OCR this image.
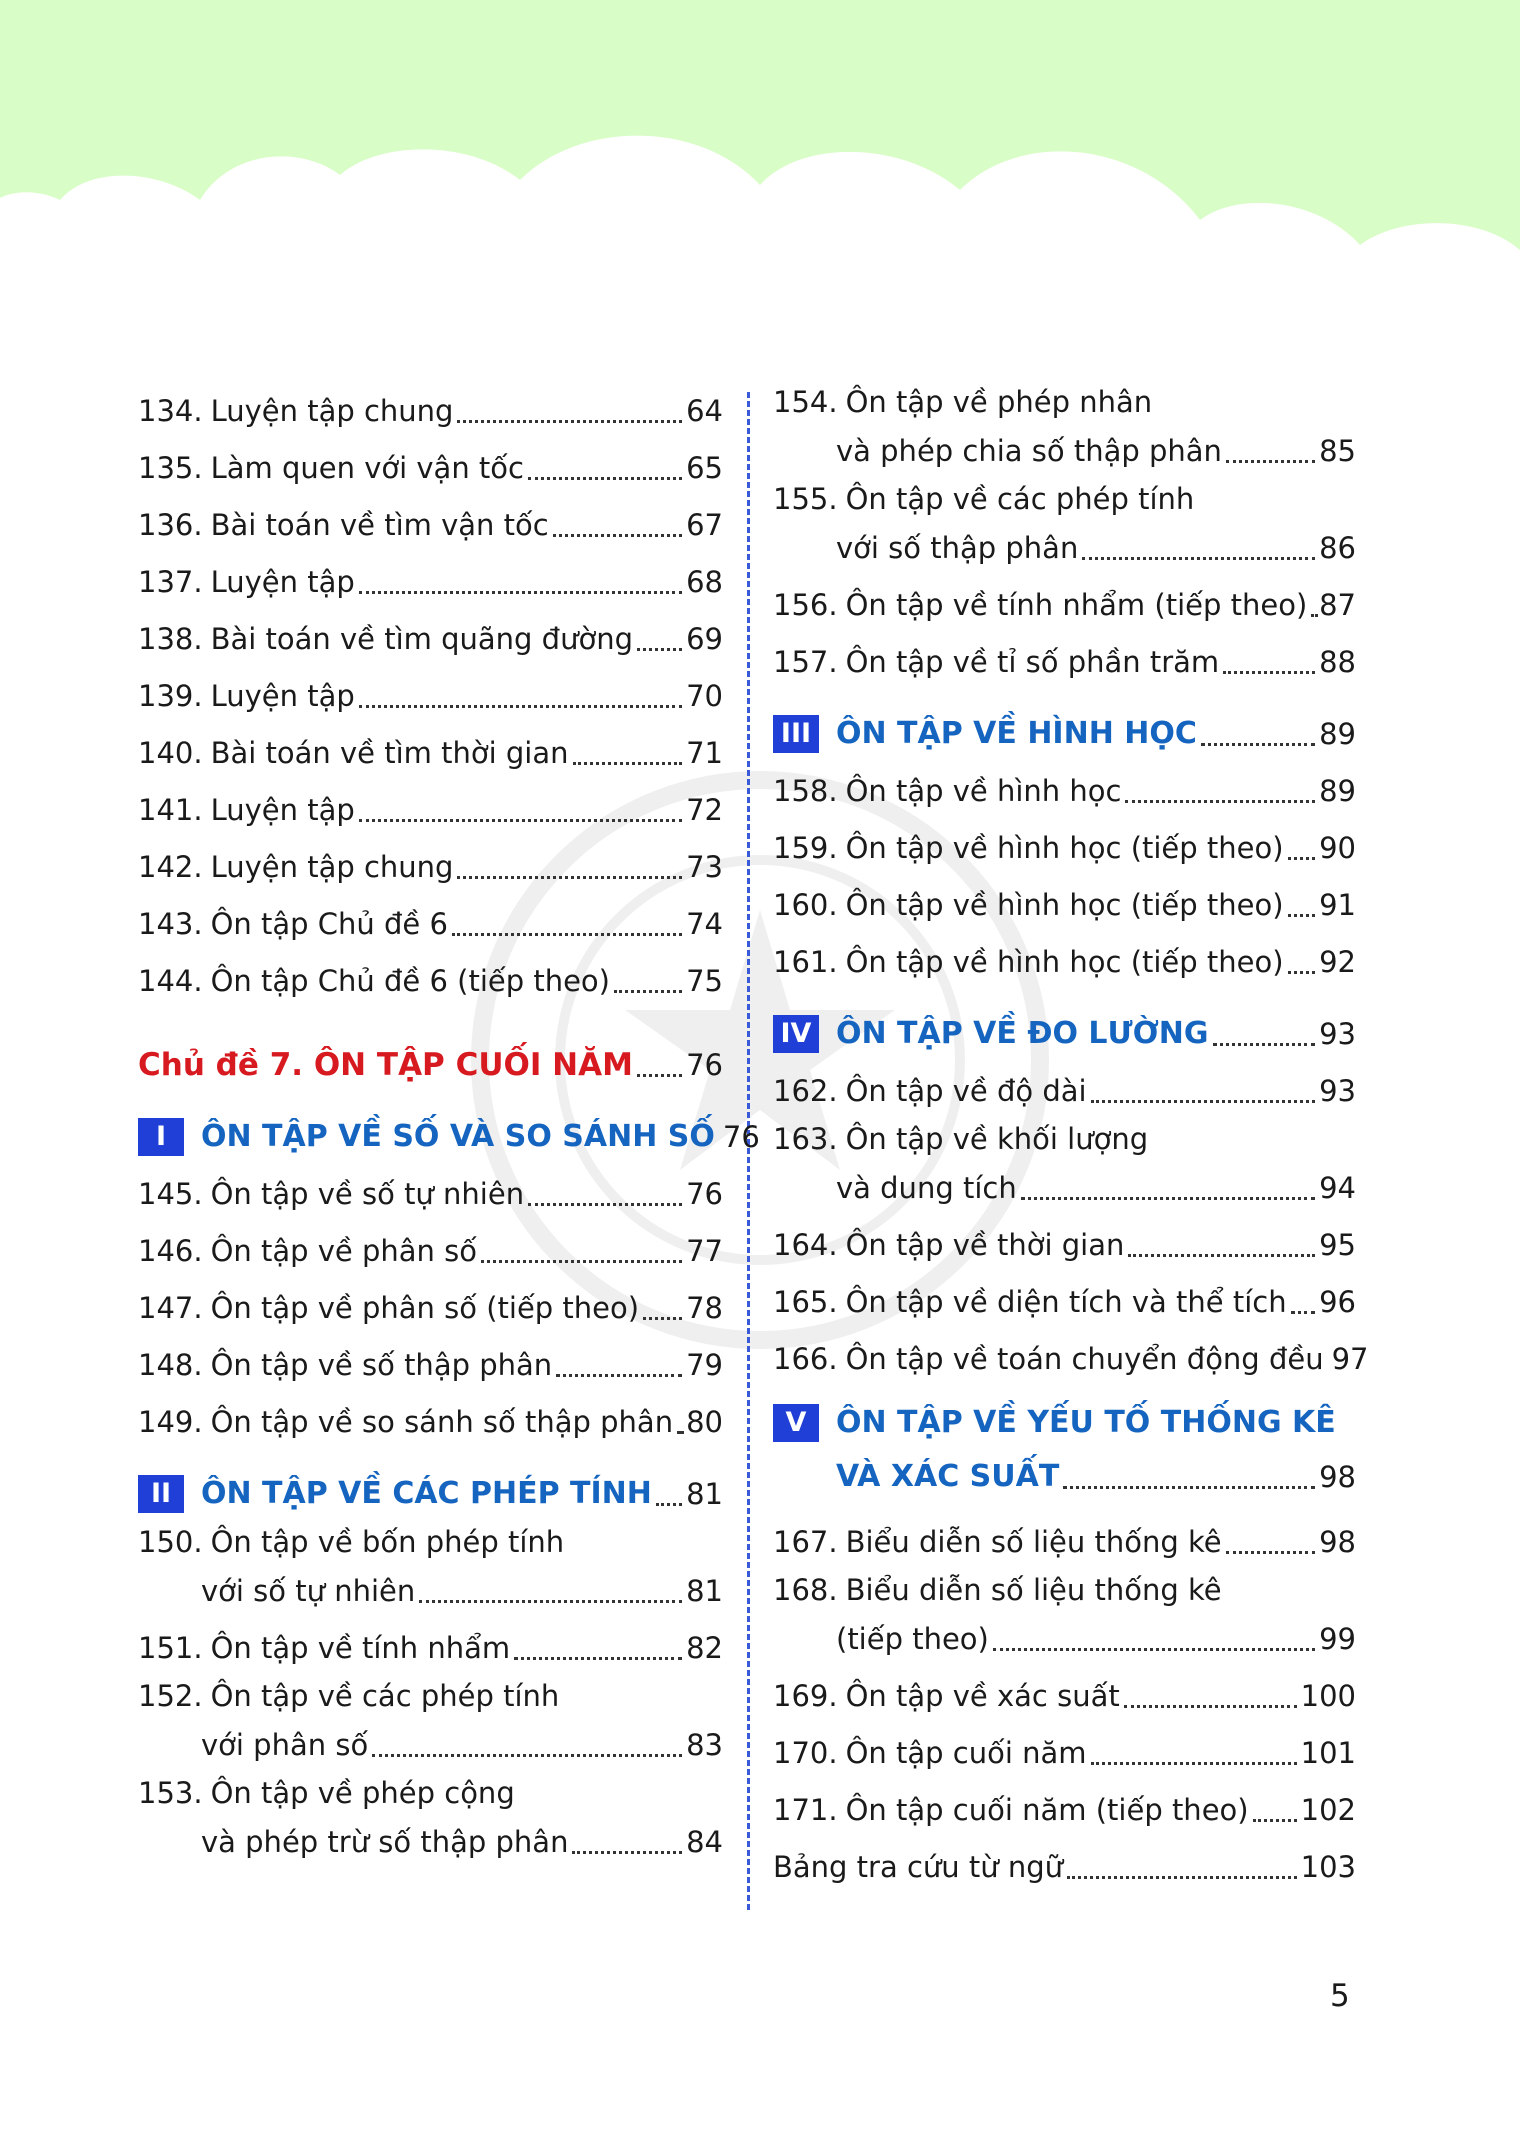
134. Luyện tập chung	64
135. Làm quen với vận tốc	65
136. Bài toán về tìm vận tốc	67
137. Luyện tập	68
138. Bài toán về tìm quãng đường 69
139. Luyện tập	70
140. Bài toán về tìm thời gian	71
141. Luyện tập	72
142. Luyện tập chung	73
143. Ôn tập Chủ đề 6	74
144. Ôn tập Chủ đề 6 (tiếp theo)	75
Chủ đề 7. ÔN TẬP CUỐI NĂM 76
I	ÔN TẬP VỀ SỐ VÀ SO SÁNH SỐ 76
145. Ôn tập về số tự nhiên	76
146. Ôn tập về phân số	77
147. Ôn tập về phân số (tiếp theo) 78
148. Ôn tập về số thập phân	79
149. Ôn tập về so sánh số thập phân 80
II ÔN TẬP VỀ CÁC PHÉP TÍNH 81
150. Ôn tập về bốn phép tính
với số tự nhiên	81
151. Ôn tập về tính nhẩm	82
152. Ôn tập về các phép tính
với phân số	83
153. Ôn tập về phép cộng
và phép trừ số thập phân	84
154. Ôn tập về phép nhân
và phép chia số thập phân	85
155. Ôn tập về các phép tính
với số thập phân	86
156. Ôn tập về tính nhẩm (tiếp theo) 87
157. Ôn tập về tỉ số phần trăm	88
III ÔN TẬP VỀ HÌNH HỌC	89
158. Ôn tập về hình học	89
159. Ôn tập về hình học (tiếp theo) 90
160. Ôn tập về hình học (tiếp theo) 91
161. Ôn tập về hình học (tiếp theo) 92
IV ÔN TẬP VỀ ĐO LƯỜNG	93
162. Ôn tập về độ dài	93
163. Ôn tập về khối lượng
và dung tích	94
164. Ôn tập về thời gian	95
165. Ôn tập về diện tích và thể tích 96
166. Ôn tập về toán chuyển động đều 97
V ÔN TẬP VỀ YẾU TỐ THỐNG KÊ
VÀ XÁC SUẤT	98
167. Biểu diễn số liệu thống kê	98
168. Biểu diễn số liệu thống kê
(tiếp theo)	99
169. Ôn tập về xác suất	100
170. Ôn tập cuối năm	101
171. Ôn tập cuối năm (tiếp theo) 102
Bảng tra cứu từ ngữ	103
5
